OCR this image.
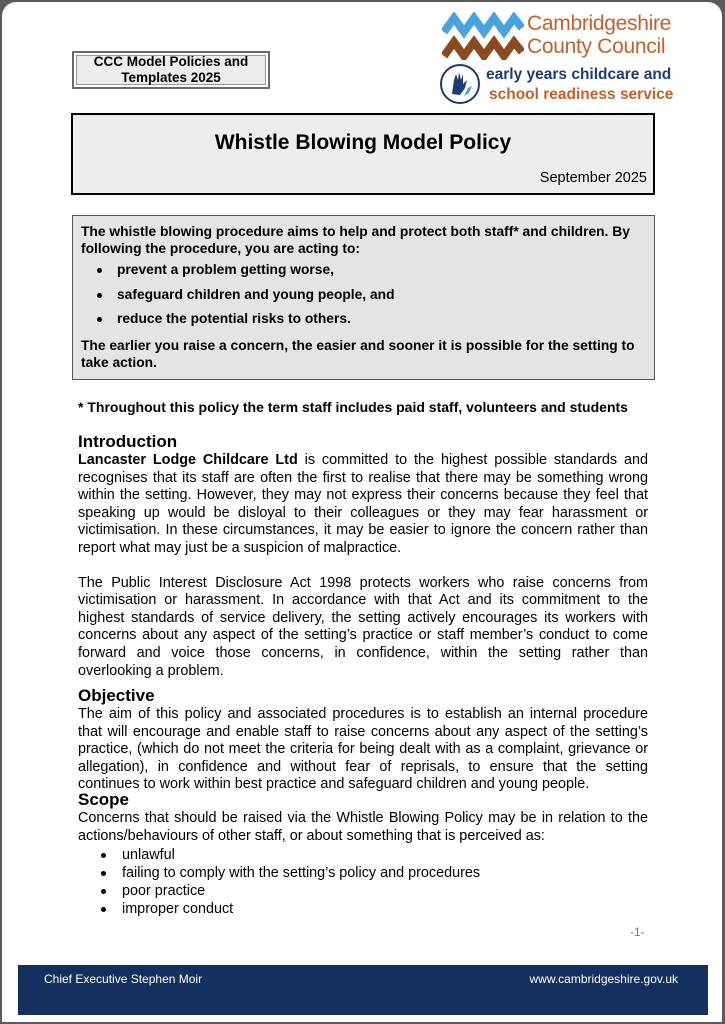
CCC Model Policies and
Templates 2025
Cambridgeshire
County Council
early years childcare and
school readiness service
Whistle Blowing Model Policy
September 2025

The whistle blowing procedure aims to help and protect both staff* and children. By following the procedure, you are acting to:

prevent a problem getting worse,
safeguard children and young people, and
reduce the potential risks to others.

The earlier you raise a concern, the easier and sooner it is possible for the setting to take action.

* Throughout this policy the term staff includes paid staff, volunteers and students
Introduction

Lancaster Lodge Childcare Ltd is committed to the highest possible standards and recognises that its staff are often the first to realise that there may be something wrong within the setting. However, they may not express their concerns because they feel that speaking up would be disloyal to their colleagues or they may fear harassment or victimisation. In these circumstances, it may be easier to ignore the concern rather than report what may just be a suspicion of malpractice.

The Public Interest Disclosure Act 1998 protects workers who raise concerns from victimisation or harassment. In accordance with that Act and its commitment to the highest standards of service delivery, the setting actively encourages its workers with concerns about any aspect of the setting’s practice or staff member’s conduct to come forward and voice those concerns, in confidence, within the setting rather than overlooking a problem.

Objective

The aim of this policy and associated procedures is to establish an internal procedure that will encourage and enable staff to raise concerns about any aspect of the setting’s practice, (which do not meet the criteria for being dealt with as a complaint, grievance or allegation), in confidence and without fear of reprisals, to ensure that the setting continues to work within best practice and safeguard children and young people.

Scope

Concerns that should be raised via the Whistle Blowing Policy may be in relation to the actions/behaviours of other staff, or about something that is perceived as:

unlawful
failing to comply with the setting’s policy and procedures
poor practice
improper conduct
-1-
Chief Executive Stephen Moir	www.cambridgeshire.gov.uk
